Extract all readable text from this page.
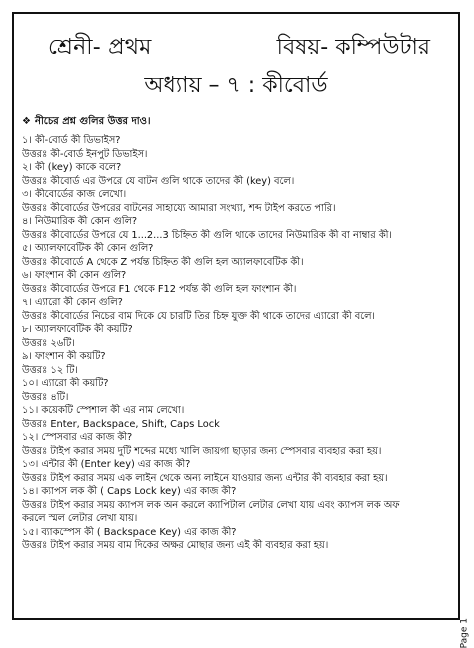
শ্রেনী- প্রথম	বিষয়- কম্পিউটার
অধ্যায় – ৭ : কীবোর্ড
❖ নীচের প্রশ্ন গুলির উত্তর দাও।
১। কী-বোর্ড কী ডিভাইস?
উত্তরঃ কী-বোর্ড ইনপুট ডিভাইস।
২। কী (key) কাকে বলে?
উত্তরঃ কীবোর্ড এর উপরে যে বাটন গুলি থাকে তাদের কী (key) বলে।
৩। কীবোর্ডের কাজ লেখো।
উত্তরঃ কীবোর্ডের উপরের বাটনের সাহায্যে আমারা সংখ্যা, শব্দ টাইপ করতে পারি।
৪। নিউমারিক কী কোন গুলি?
উত্তরঃ কীবোর্ডের উপরে যে 1...2...3 চিহ্নিত কী গুলি থাকে তাদের নিউমারিক কী বা নাম্বার কী।
৫। অ্যালফাবেটিক কী কোন গুলি?
উত্তরঃ কীবোর্ডে A থেকে Z পর্যন্ত চিহ্নিত কী গুলি হল অ্যালফাবেটিক কী।
৬। ফাংশান কী কোন গুলি?
উত্তরঃ কীবোর্ডের উপরে F1 থেকে F12 পর্যন্ত কী গুলি হল ফাংশান কী।
৭। এ্যারো কী কোন গুলি?
উত্তরঃ কীবোর্ডের নিচের বাম দিকে যে চারটি তির চিহ্ন যুক্ত কী থাকে তাদের এ্যারো কী বলে।
৮। অ্যালফাবেটিক কী কয়টি?
উত্তরঃ ২৬টি।
৯। ফাংশান কী কয়টি?
উত্তরঃ ১২ টি।
১০। এ্যারো কী কয়টি?
উত্তরঃ ৪টি।
১১। কয়েকটি স্পেশাল কী এর নাম লেখো।
উত্তরঃ Enter, Backspace, Shift, Caps Lock
১২। স্পেসবার এর কাজ কী?
উত্তরঃ টাইপ করার সময় দুটি শব্দের মধ্যে খালি জায়গা ছাড়ার জন্য স্পেসবার ব্যবহার করা হয়।
১৩। এন্টার কী (Enter key) এর কাজ কী?
উত্তরঃ টাইপ করার সময় এক লাইন থেকে অন্য লাইনে যাওয়ার জন্য এন্টার কী ব্যবহার করা হয়।
১৪। ক্যাপস লক কী ( Caps Lock key) এর কাজ কী?
উত্তরঃ টাইপ করার সময় ক্যাপস লক অন করলে ক্যাপিটাল লেটার লেখা যায় এবং ক্যাপস লক অফ
করলে স্মল লেটার লেখা যায়।
১৫। ব্যাকস্পেস কী ( Backspace Key) এর কাজ কী?
উত্তরঃ টাইপ করার সময় বাম দিকের অক্ষর মোছার জন্য এই কী ব্যবহার করা হয়।
Page 1
